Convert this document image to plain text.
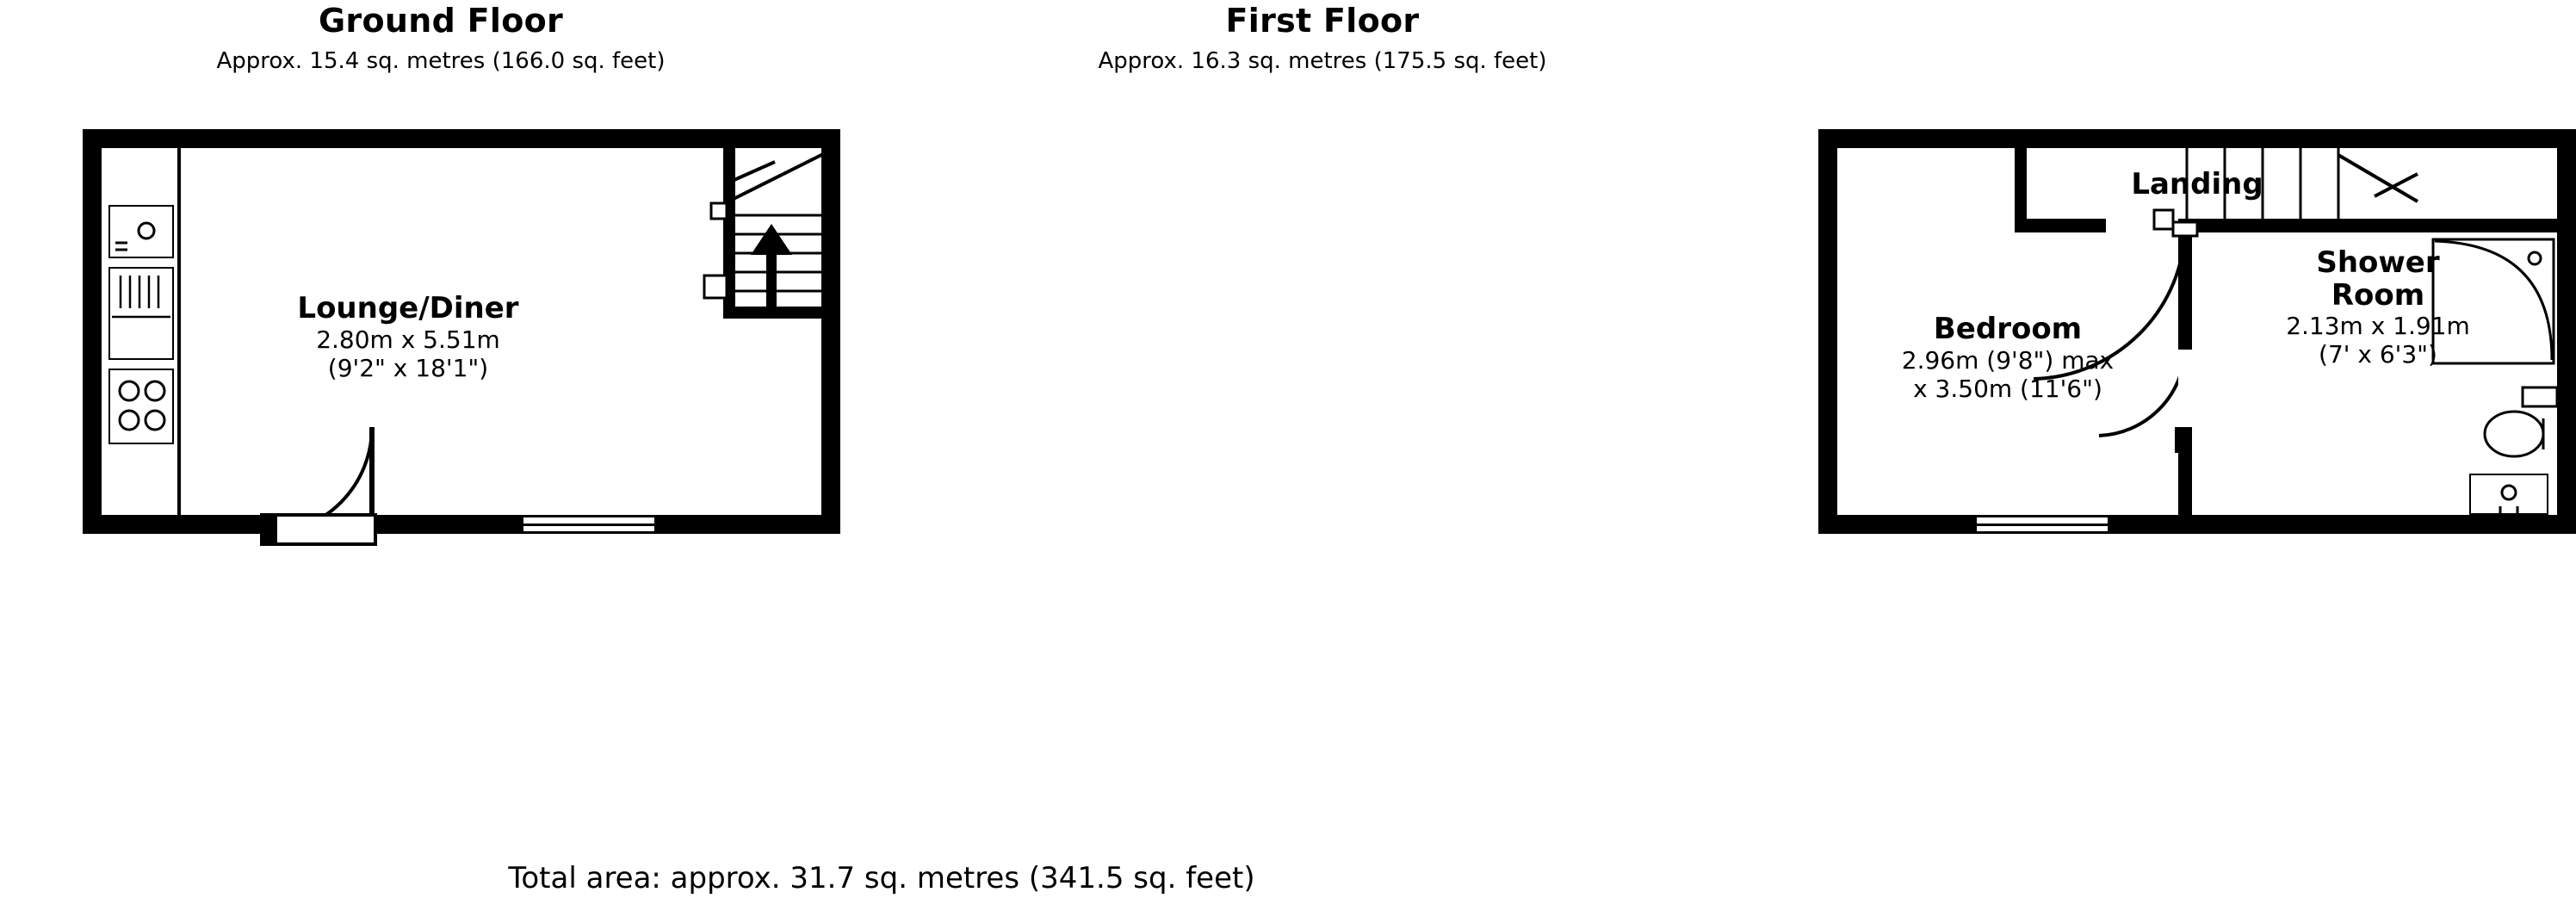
Ground Floor
Approx. 15.4 sq. metres (166.0 sq. feet)
Lounge/Diner
2.80m x 5.51m
(9'2" x 18'1")
First Floor
Approx. 16.3 sq. metres (175.5 sq. feet)
Landing
Bedroom
2.96m (9'8") max
x 3.50m (11'6")
Shower
Room
2.13m x 1.91m
(7' x 6'3")
Total area: approx. 31.7 sq. metres (341.5 sq. feet)
